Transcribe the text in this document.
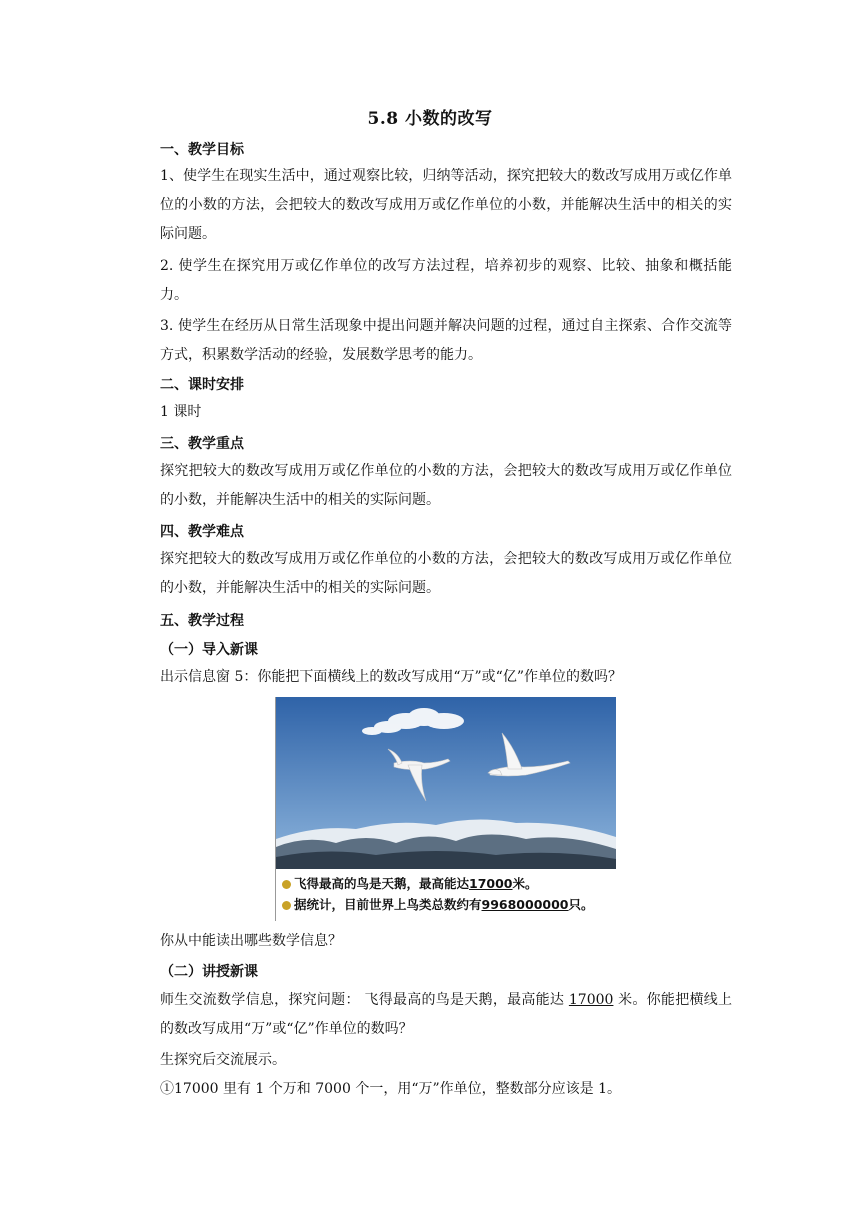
5.8 小数的改写
一、教学目标
1、使学生在现实生活中，通过观察比较，归纳等活动，探究把较大的数改写成用万或亿作单位的小数的方法，会把较大的数改写成用万或亿作单位的小数，并能解决生活中的相关的实际问题。
2. 使学生在探究用万或亿作单位的改写方法过程，培养初步的观察、比较、抽象和概括能力。
3. 使学生在经历从日常生活现象中提出问题并解决问题的过程，通过自主探索、合作交流等方式，积累数学活动的经验，发展数学思考的能力。
二、课时安排
1 课时
三、教学重点
探究把较大的数改写成用万或亿作单位的小数的方法，会把较大的数改写成用万或亿作单位的小数，并能解决生活中的相关的实际问题。
四、教学难点
探究把较大的数改写成用万或亿作单位的小数的方法，会把较大的数改写成用万或亿作单位的小数，并能解决生活中的相关的实际问题。
五、教学过程
（一）导入新课
出示信息窗 5：你能把下面横线上的数改写成用“万”或“亿”作单位的数吗？
飞得最高的鸟是天鹅，最高能达17000米。
据统计，目前世界上鸟类总数约有9968000000只。
你从中能读出哪些数学信息？
（二）讲授新课
师生交流数学信息，探究问题： 飞得最高的鸟是天鹅，最高能达 17000 米。你能把横线上的数改写成用“万”或“亿”作单位的数吗？
生探究后交流展示。
①17000 里有 1 个万和 7000 个一，用“万”作单位，整数部分应该是 1。
